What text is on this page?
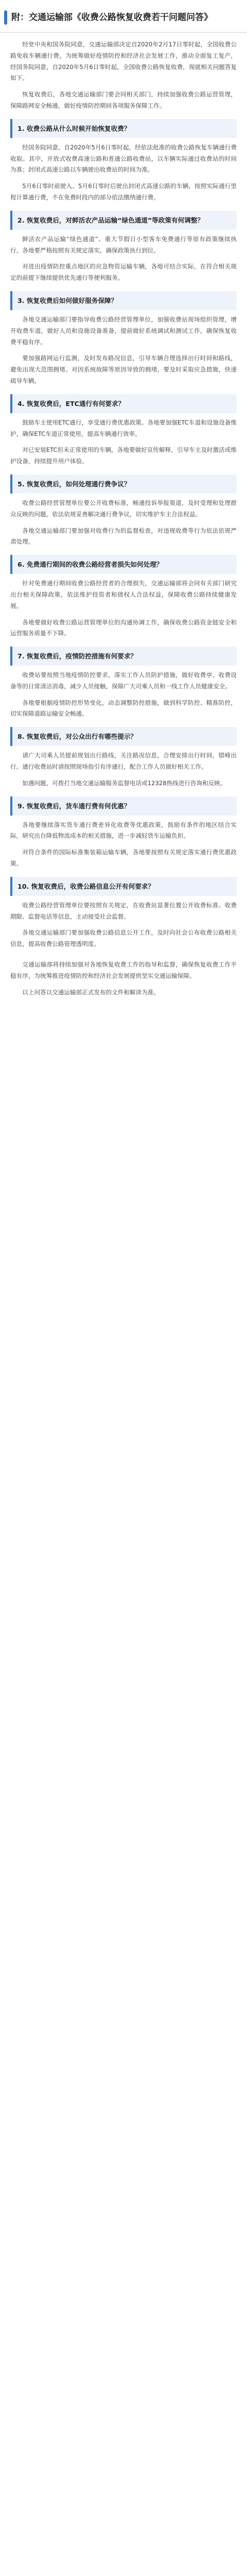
附：交通运输部《收费公路恢复收费若干问题问答》

经党中央和国务院同意，交通运输部决定自2020年2月17日零时起，全国收费公路免收车辆通行费。为统筹做好疫情防控和经济社会发展工作，推动全面复工复产，经国务院同意，自2020年5月6日零时起，全国收费公路恢复收费，现就相关问题答复如下。

恢复收费后，各地交通运输部门要会同相关部门，持续加强收费公路运营管理，保障路网安全畅通，做好疫情防控期间各项服务保障工作。

1. 收费公路从什么时候开始恢复收费？

经国务院同意，自2020年5月6日零时起，经依法批准的收费公路恢复车辆通行费收取。其中，开放式收费高速公路和普通公路收费站，以车辆实际通过收费站的时间为准；封闭式高速公路以车辆驶出收费站的时间为准。

5月6日零时前驶入、5月6日零时后驶出封闭式高速公路的车辆，按照实际通行里程计算通行费，不在免费时段内的部分依法缴纳通行费。

2. 恢复收费后，对鲜活农产品运输“绿色通道”等政策有何调整？

鲜活农产品运输“绿色通道”、重大节假日小型客车免费通行等原有政策继续执行，各地要严格按照有关规定落实，确保政策执行到位。

对进出疫情防控重点地区的应急物资运输车辆，各地可结合实际，在符合相关规定的前提下继续提供优先通行等便利服务。

3. 恢复收费后如何做好服务保障？

各地交通运输部门要指导收费公路经营管理单位，加强收费站现场组织管理，增开收费车道，做好人员和设施设备准备，提前做好系统调试和测试工作，确保恢复收费平稳有序。

要加强路网运行监测，及时发布路况信息，引导车辆合理选择出行时间和路线，避免出现大范围拥堵。对因系统故障等原因导致的拥堵，要及时采取应急措施，快速疏导车辆。

4. 恢复收费后，ETC通行有何要求？

鼓励车主使用ETC通行，享受通行费优惠政策。各地要加强ETC车道和设施设备维护，确保ETC车道正常使用，提高车辆通行效率。

对已安装ETC但未正常使用的车辆，各地要做好宣传解释，引导车主及时激活或维护设备，持续提升用户体验。

5. 恢复收费后，如何处理通行费争议？

收费公路经营管理单位要公开收费标准，畅通投诉举报渠道，及时受理和处理群众反映的问题，依法依规妥善解决通行费争议，切实维护车主合法权益。

各地交通运输部门要加强对收费行为的监督检查，对违规收费等行为依法依规严肃处理。

6. 免费通行期间的收费公路经营者损失如何处理？

针对免费通行期间收费公路经营者的合理损失，交通运输部将会同有关部门研究出台相关保障政策，依法维护投资者和债权人合法权益，保障收费公路持续健康发展。

各地要做好收费公路运营管理单位的沟通协调工作，确保收费公路资金链安全和运营服务质量不下降。

7. 恢复收费后，疫情防控措施有何要求？

收费站要按照当地疫情防控要求，落实工作人员防护措施，做好收费亭、收费设备等的日常清洁消毒，减少人员接触，保障广大司乘人员和一线工作人员健康安全。

各地要根据疫情防控形势变化，动态调整防控措施，做到科学防控、精准防控，切实保障道路运输安全畅通。

8. 恢复收费后，对公众出行有哪些提示？

请广大司乘人员提前规划出行路线，关注路况信息，合理安排出行时间，错峰出行。通行收费站时请按照现场指引有序通行，配合工作人员做好相关工作。

如遇问题，可拨打当地交通运输服务监督电话或12328热线进行咨询和反映。

9. 恢复收费后，货车通行费有何优惠？

各地要继续落实货车通行费差异化收费等优惠政策，鼓励有条件的地区结合实际，研究出台降低物流成本的相关措施，进一步减轻货车运输负担。

对符合条件的国际标准集装箱运输车辆，各地要按照有关规定落实通行费优惠政策。

10. 恢复收费后，收费公路信息公开有何要求？

收费公路经营管理单位要按照有关规定，在收费站显著位置公开收费标准、收费期限、监督电话等信息，主动接受社会监督。

各地交通运输部门要加强收费公路信息公开工作，及时向社会公布收费公路相关信息，提高收费公路管理透明度。

交通运输部将持续加强对各地恢复收费工作的指导和监督，确保恢复收费工作平稳有序，为统筹推进疫情防控和经济社会发展提供坚实交通运输保障。

以上问答以交通运输部正式发布的文件和解读为准。
